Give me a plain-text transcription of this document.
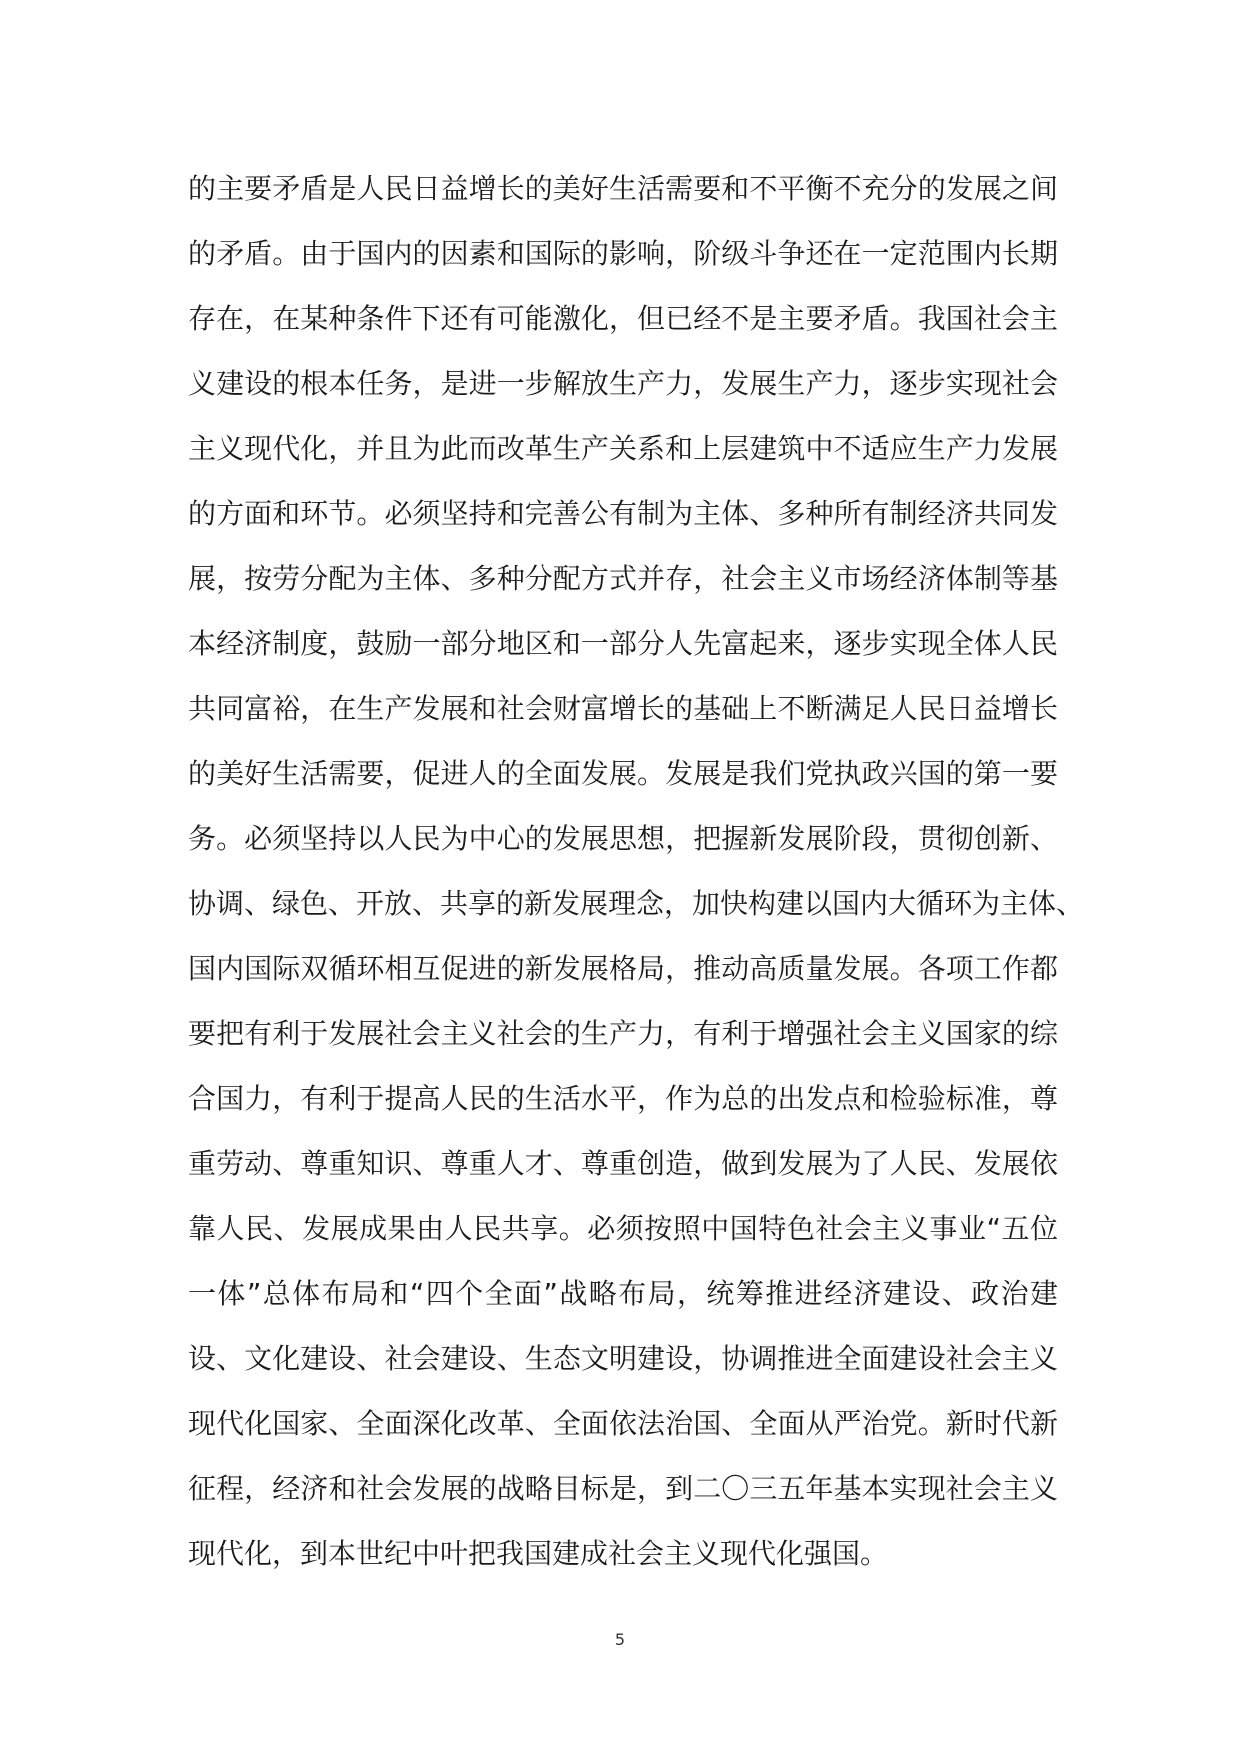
的主要矛盾是人民日益增长的美好生活需要和不平衡不充分的发展之间
的矛盾。由于国内的因素和国际的影响，阶级斗争还在一定范围内长期
存在，在某种条件下还有可能激化，但已经不是主要矛盾。我国社会主
义建设的根本任务，是进一步解放生产力，发展生产力，逐步实现社会
主义现代化，并且为此而改革生产关系和上层建筑中不适应生产力发展
的方面和环节。必须坚持和完善公有制为主体、多种所有制经济共同发
展，按劳分配为主体、多种分配方式并存，社会主义市场经济体制等基
本经济制度，鼓励一部分地区和一部分人先富起来，逐步实现全体人民
共同富裕，在生产发展和社会财富增长的基础上不断满足人民日益增长
的美好生活需要，促进人的全面发展。发展是我们党执政兴国的第一要
务。必须坚持以人民为中心的发展思想，把握新发展阶段，贯彻创新、
协调、绿色、开放、共享的新发展理念，加快构建以国内大循环为主体、
国内国际双循环相互促进的新发展格局，推动高质量发展。各项工作都
要把有利于发展社会主义社会的生产力，有利于增强社会主义国家的综
合国力，有利于提高人民的生活水平，作为总的出发点和检验标准，尊
重劳动、尊重知识、尊重人才、尊重创造，做到发展为了人民、发展依
靠人民、发展成果由人民共享。必须按照中国特色社会主义事业“五位
一体”总体布局和“四个全面”战略布局，统筹推进经济建设、政治建
设、文化建设、社会建设、生态文明建设，协调推进全面建设社会主义
现代化国家、全面深化改革、全面依法治国、全面从严治党。新时代新
征程，经济和社会发展的战略目标是，到二〇三五年基本实现社会主义
现代化，到本世纪中叶把我国建成社会主义现代化强国。
5
